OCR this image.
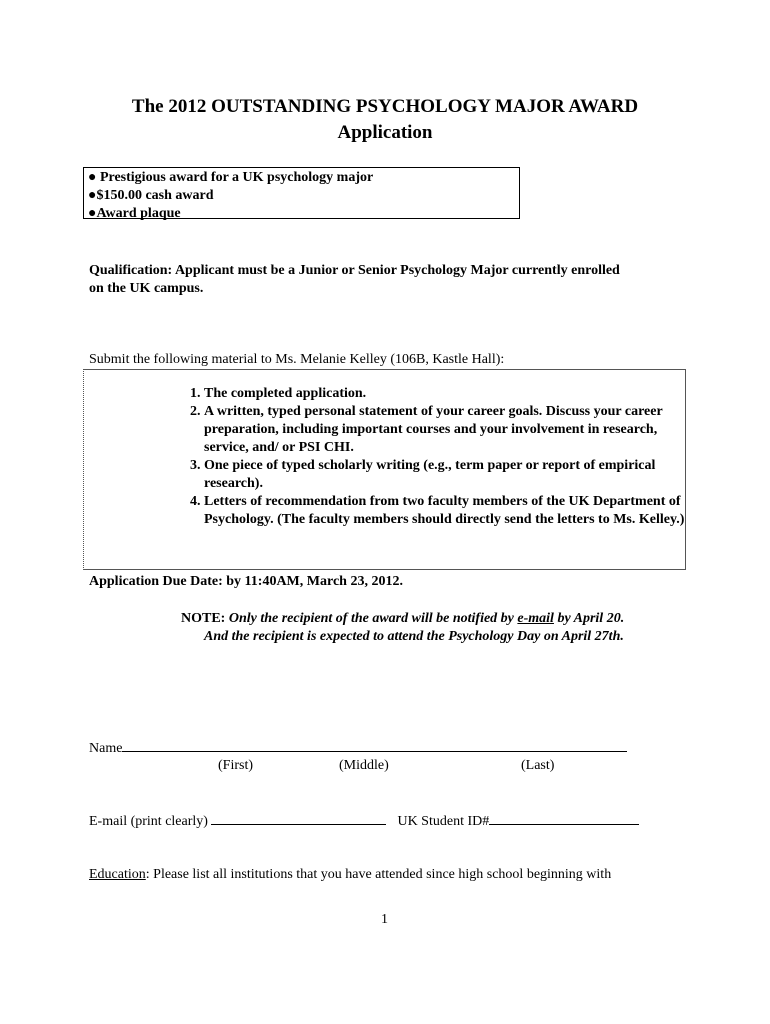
The 2012 OUTSTANDING PSYCHOLOGY MAJOR AWARD
Application
● Prestigious award for a UK psychology major
●$150.00 cash award
●Award plaque
Qualification: Applicant must be a Junior or Senior Psychology Major currently enrolled
on the UK campus.
Submit the following material to Ms. Melanie Kelley (106B, Kastle Hall):
1. The completed application.
2. A written, typed personal statement of your career goals. Discuss your career preparation, including important courses and your involvement in research, service, and/ or PSI CHI.
3. One piece of typed scholarly writing (e.g., term paper or report of empirical research).
4. Letters of recommendation from two faculty members of the UK Department of Psychology. (The faculty members should directly send the letters to Ms. Kelley.)
Application Due Date: by 11:40AM, March 23, 2012.
NOTE: Only the recipient of the award will be notified by e-mail by April 20.
And the recipient is expected to attend the Psychology Day on April 27th.
Name
(First)	(Middle)	(Last)
E-mail (print clearly)	UK Student ID#
Education: Please list all institutions that you have attended since high school beginning with
1
